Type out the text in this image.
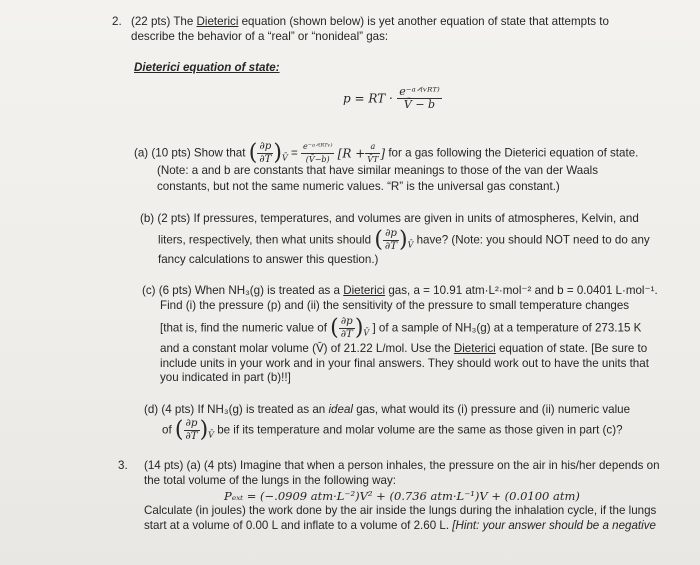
2. (22 pts) The Dieterici equation (shown below) is yet another equation of state that attempts to
describe the behavior of a “real” or “nonideal” gas:
Dieterici equation of state:
p = RT · $\frac{\text{e⁻ᵃᐟ⁽ᵛᴿᵀ⁾}}{V̄ - b}$
(a) (10 pts) Show that ( $\frac{\partial p}{\partial T} )_{V̄} = \frac{\text{e⁻ᵃᐟ⁽ᴿᵀᵛ⁾}}{(V̄-b)} [R + \frac{a}{V̄T}$ ] for a gas following the Dieterici equation of state.
(Note: a and b are constants that have similar meanings to those of the van der Waals
constants, but not the same numeric values. “R” is the universal gas constant.)
(b) (2 pts) If pressures, temperatures, and volumes are given in units of atmospheres, Kelvin, and
liters, respectively, then what units should ( $\frac{\partial p}{\partial T} )_{V̄}$ have? (Note: you should NOT need to do any
fancy calculations to answer this question.)
(c) (6 pts) When NH₃(g) is treated as a Dieterici gas, a = 10.91 atm·L²·mol⁻² and b = 0.0401 L·mol⁻¹.
Find (i) the pressure (p) and (ii) the sensitivity of the pressure to small temperature changes
[that is, find the numeric value of ( $\frac{\partial p}{\partial T} )_{V̄}$ ] of a sample of NH₃(g) at a temperature of 273.15 K
and a constant molar volume (V̄) of 21.22 L/mol. Use the Dieterici equation of state. [Be sure to
include units in your work and in your final answers. They should work out to have the units that
you indicated in part (b)!!]
(d) (4 pts) If NH₃(g) is treated as an ideal gas, what would its (i) pressure and (ii) numeric value
of ( $\frac{\partial p}{\partial T} )_{V̄}$ be if its temperature and molar volume are the same as those given in part (c)?
3. (14 pts) (a) (4 pts) Imagine that when a person inhales, the pressure on the air in his/her depends on
the total volume of the lungs in the following way:
Pₑₓₜ = (−.0909 atm·L⁻²)V² + (0.736 atm·L⁻¹)V + (0.0100 atm)
Calculate (in joules) the work done by the air inside the lungs during the inhalation cycle, if the lungs
start at a volume of 0.00 L and inflate to a volume of 2.60 L. [Hint: your answer should be a negative
